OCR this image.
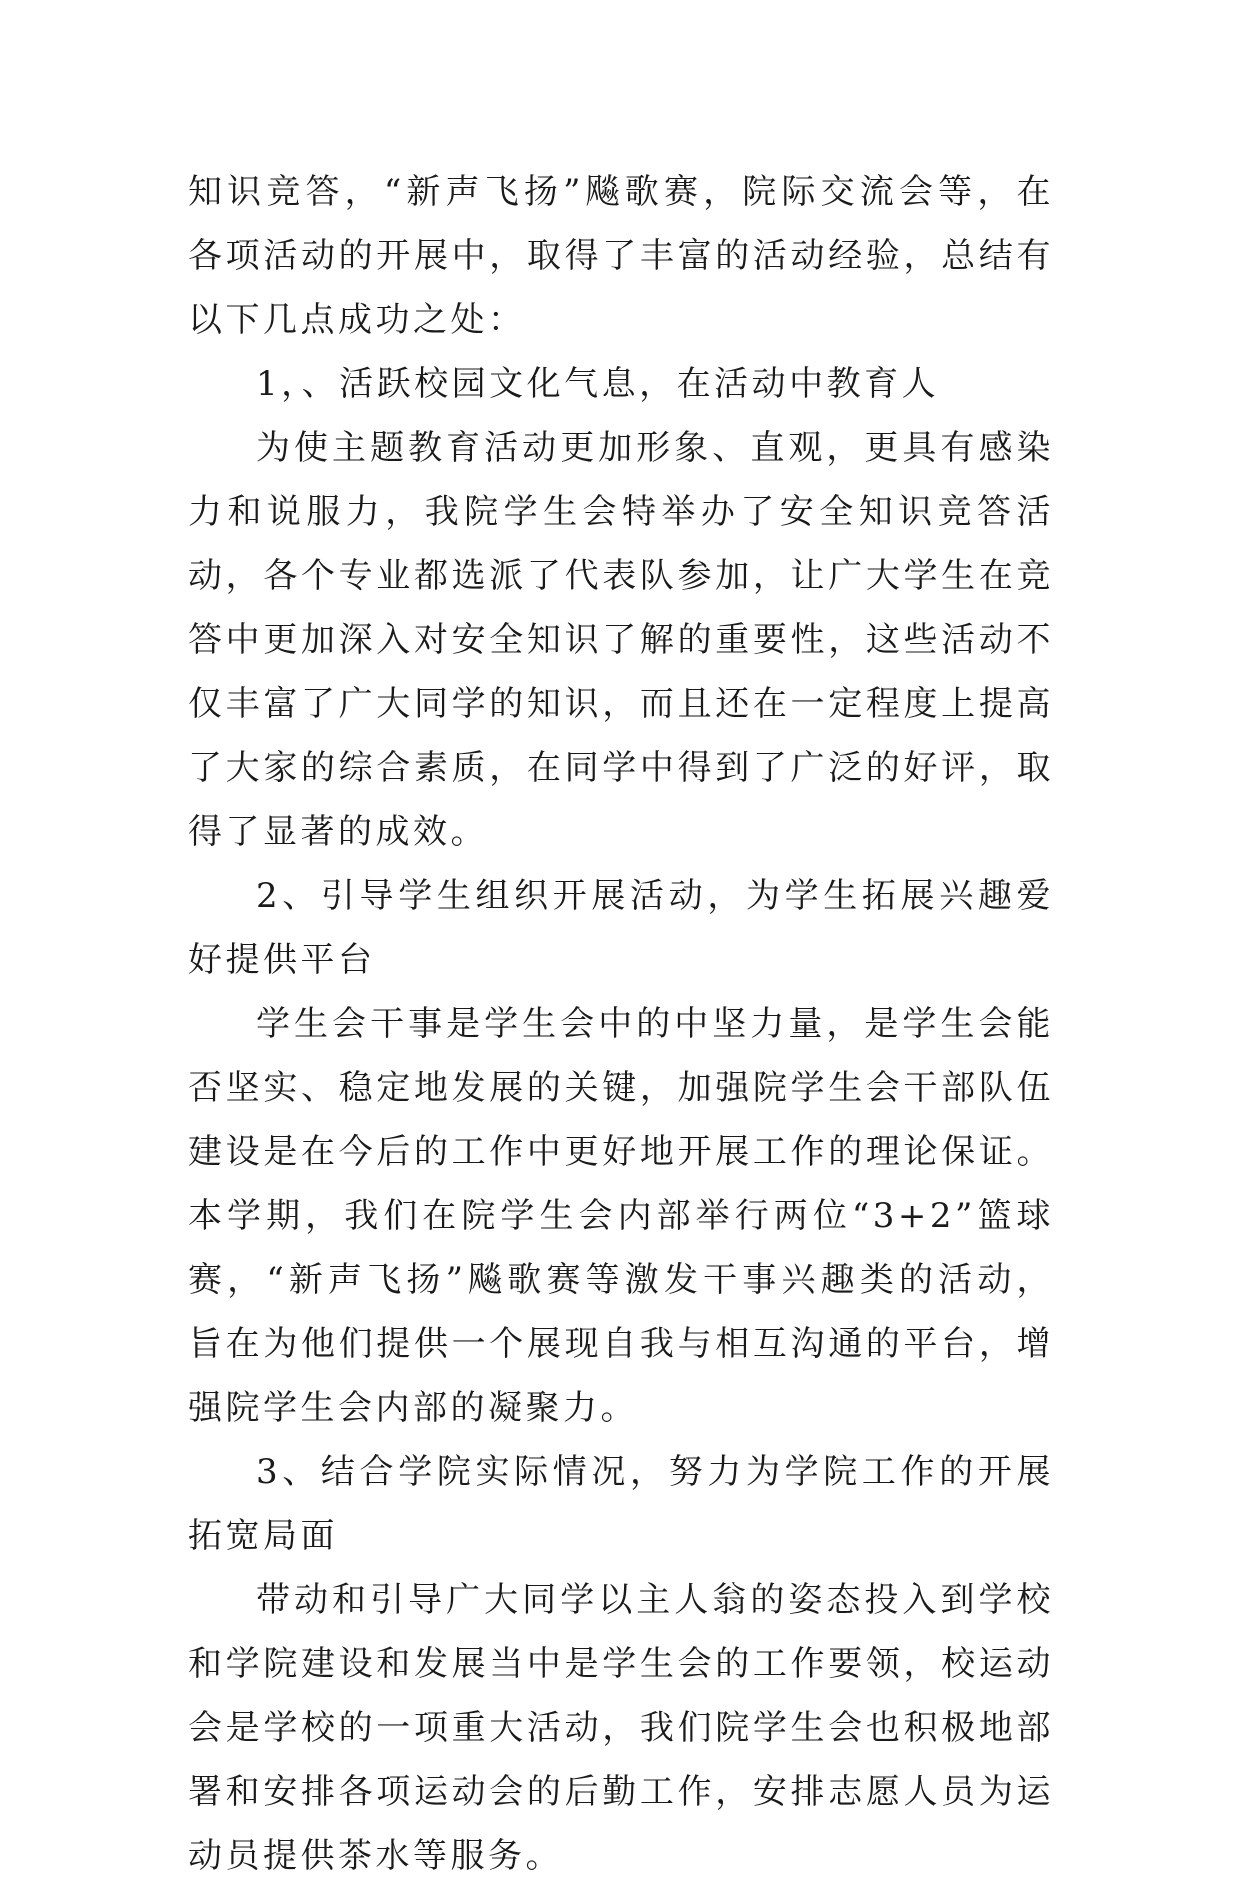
知识竞答，“新声飞扬”飚歌赛，院际交流会等，在各项活动的开展中，取得了丰富的活动经验，总结有以下几点成功之处：

1，、活跃校园文化气息，在活动中教育人

为使主题教育活动更加形象、直观，更具有感染力和说服力，我院学生会特举办了安全知识竞答活动，各个专业都选派了代表队参加，让广大学生在竞答中更加深入对安全知识了解的重要性，这些活动不仅丰富了广大同学的知识，而且还在一定程度上提高了大家的综合素质，在同学中得到了广泛的好评，取得了显著的成效。

2、引导学生组织开展活动，为学生拓展兴趣爱好提供平台

学生会干事是学生会中的中坚力量，是学生会能否坚实、稳定地发展的关键，加强院学生会干部队伍建设是在今后的工作中更好地开展工作的理论保证。本学期，我们在院学生会内部举行两位“3+2”篮球赛，“新声飞扬”飚歌赛等激发干事兴趣类的活动，旨在为他们提供一个展现自我与相互沟通的平台，增强院学生会内部的凝聚力。

3、结合学院实际情况，努力为学院工作的开展拓宽局面

带动和引导广大同学以主人翁的姿态投入到学校和学院建设和发展当中是学生会的工作要领，校运动会是学校的一项重大活动，我们院学生会也积极地部署和安排各项运动会的后勤工作，安排志愿人员为运动员提供茶水等服务。
